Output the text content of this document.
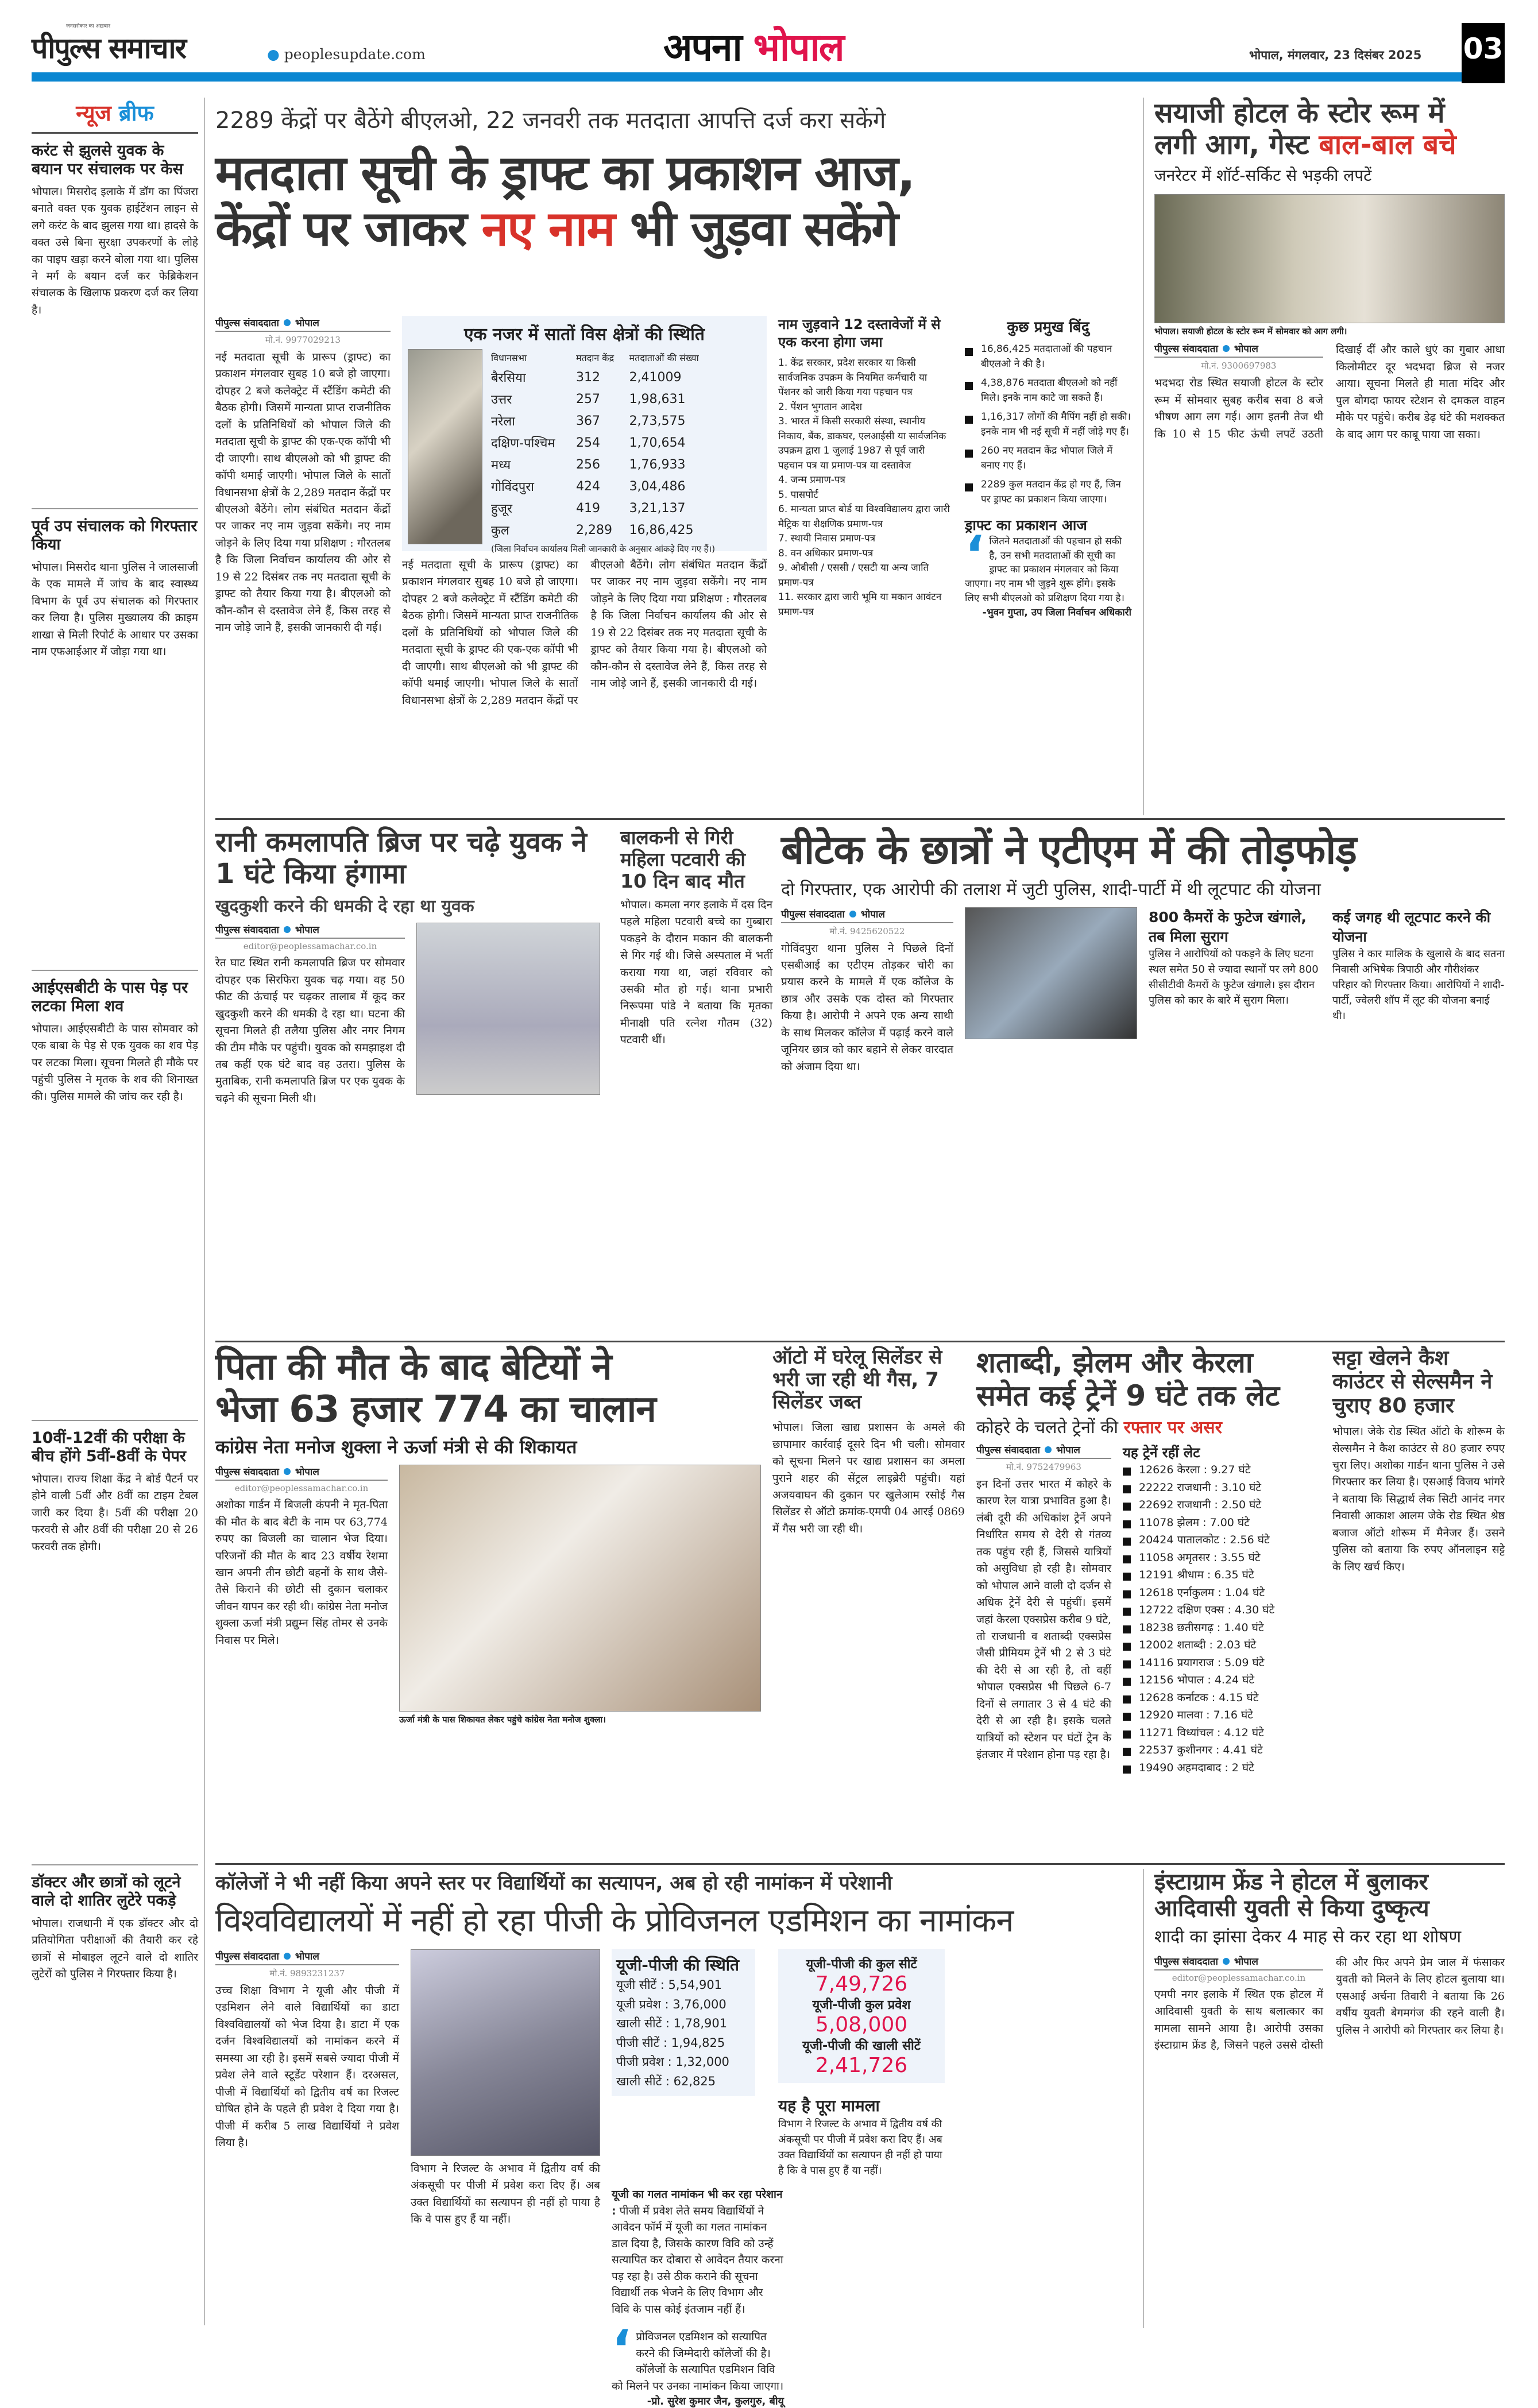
पीपुल्स समाचार
जनसरोकार का अख़बार
● peoplesupdate.com	अपना भोपाल	भोपाल, मंगलवार, 23 दिसंबर 2025 03
न्यूज ब्रीफ
करंट से झुलसे युवक के बयान पर संचालक पर केस

भोपाल। मिसरोद इलाके में डॉग का पिंजरा बनाते वक्त एक युवक हाईटेंशन लाइन से लगे करंट के बाद झुलस गया था। हादसे के वक्त उसे बिना सुरक्षा उपकरणों के लोहे का पाइप खड़ा करने बोला गया था। पुलिस ने मर्ग के बयान दर्ज कर फेब्रिकेशन संचालक के खिलाफ प्रकरण दर्ज कर लिया है।

पूर्व उप संचालक को गिरफ्तार किया

भोपाल। मिसरोद थाना पुलिस ने जालसाजी के एक मामले में जांच के बाद स्वास्थ्य विभाग के पूर्व उप संचालक को गिरफ्तार कर लिया है। पुलिस मुख्यालय की क्राइम शाखा से मिली रिपोर्ट के आधार पर उसका नाम एफआईआर में जोड़ा गया था।

आईएसबीटी के पास पेड़ पर लटका मिला शव

भोपाल। आईएसबीटी के पास सोमवार को एक बाबा के पेड़ से एक युवक का शव पेड़ पर लटका मिला। सूचना मिलते ही मौके पर पहुंची पुलिस ने मृतक के शव की शिनाख्त की। पुलिस मामले की जांच कर रही है।

10वीं-12वीं की परीक्षा के बीच होंगे 5वीं-8वीं के पेपर

भोपाल। राज्य शिक्षा केंद्र ने बोर्ड पैटर्न पर होने वाली 5वीं और 8वीं का टाइम टेबल जारी कर दिया है। 5वीं की परीक्षा 20 फरवरी से और 8वीं की परीक्षा 20 से 26 फरवरी तक होगी।

डॉक्टर और छात्रों को लूटने वाले दो शातिर लुटेरे पकड़े

भोपाल। राजधानी में एक डॉक्टर और दो प्रतियोगिता परीक्षाओं की तैयारी कर रहे छात्रों से मोबाइल लूटने वाले दो शातिर लुटेरों को पुलिस ने गिरफ्तार किया है।

2289 केंद्रों पर बैठेंगे बीएलओ, 22 जनवरी तक मतदाता आपत्ति दर्ज करा सकेंगे
मतदाता सूची के ड्राफ्ट का प्रकाशन आज,
केंद्रों पर जाकर नए नाम भी जुड़वा सकेंगे
पीपुल्स संवाददाता भोपाल
मो.नं. 9977029213

नई मतदाता सूची के प्रारूप (ड्राफ्ट) का प्रकाशन मंगलवार सुबह 10 बजे हो जाएगा। दोपहर 2 बजे कलेक्ट्रेट में स्टैंडिंग कमेटी की बैठक होगी। जिसमें मान्यता प्राप्त राजनीतिक दलों के प्रतिनिधियों को भोपाल जिले की मतदाता सूची के ड्राफ्ट की एक-एक कॉपी भी दी जाएगी। साथ बीएलओ को भी ड्राफ्ट की कॉपी थमाई जाएगी। भोपाल जिले के सातों विधानसभा क्षेत्रों के 2,289 मतदान केंद्रों पर बीएलओ बैठेंगे। लोग संबंधित मतदान केंद्रों पर जाकर नए नाम जुड़वा सकेंगे। नए नाम जोड़ने के लिए दिया गया प्रशिक्षण : गौरतलब है कि जिला निर्वाचन कार्यालय की ओर से 19 से 22 दिसंबर तक नए मतदाता सूची के ड्राफ्ट को तैयार किया गया है। बीएलओ को कौन-कौन से दस्तावेज लेने हैं, किस तरह से नाम जोड़े जाने हैं, इसकी जानकारी दी गई।

एक नजर में सातों विस क्षेत्रों की स्थिति
विधानसभा	मतदान केंद्र	मतदाताओं की संख्या
बैरसिया	312	2,41009
उत्तर	257	1,98,631
नरेला	367	2,73,575
दक्षिण-पश्चिम	254	1,70,654
मध्य	256	1,76,933
गोविंदपुरा	424	3,04,486
हुजूर	419	3,21,137
कुल	2,289	16,86,425
(जिला निर्वाचन कार्यालय मिली जानकारी के अनुसार आंकड़े दिए गए हैं।)		

नई मतदाता सूची के प्रारूप (ड्राफ्ट) का प्रकाशन मंगलवार सुबह 10 बजे हो जाएगा। दोपहर 2 बजे कलेक्ट्रेट में स्टैंडिंग कमेटी की बैठक होगी। जिसमें मान्यता प्राप्त राजनीतिक दलों के प्रतिनिधियों को भोपाल जिले की मतदाता सूची के ड्राफ्ट की एक-एक कॉपी भी दी जाएगी। साथ बीएलओ को भी ड्राफ्ट की कॉपी थमाई जाएगी। भोपाल जिले के सातों विधानसभा क्षेत्रों के 2,289 मतदान केंद्रों पर बीएलओ बैठेंगे। लोग संबंधित मतदान केंद्रों पर जाकर नए नाम जुड़वा सकेंगे। नए नाम जोड़ने के लिए दिया गया प्रशिक्षण : गौरतलब है कि जिला निर्वाचन कार्यालय की ओर से 19 से 22 दिसंबर तक नए मतदाता सूची के ड्राफ्ट को तैयार किया गया है। बीएलओ को कौन-कौन से दस्तावेज लेने हैं, किस तरह से नाम जोड़े जाने हैं, इसकी जानकारी दी गई।

नाम जुड़वाने 12 दस्तावेजों में से एक करना होगा जमा

1. केंद्र सरकार, प्रदेश सरकार या किसी सार्वजनिक उपक्रम के नियमित कर्मचारी या पेंशनर को जारी किया गया पहचान पत्र

2. पेंशन भुगतान आदेश

3. भारत में किसी सरकारी संस्था, स्थानीय निकाय, बैंक, डाकघर, एलआईसी या सार्वजनिक उपक्रम द्वारा 1 जुलाई 1987 से पूर्व जारी पहचान पत्र या प्रमाण-पत्र या दस्तावेज

4. जन्म प्रमाण-पत्र

5. पासपोर्ट

6. मान्यता प्राप्त बोर्ड या विश्वविद्यालय द्वारा जारी मैट्रिक या शैक्षणिक प्रमाण-पत्र

7. स्थायी निवास प्रमाण-पत्र

8. वन अधिकार प्रमाण-पत्र

9. ओबीसी / एससी / एसटी या अन्य जाति प्रमाण-पत्र

11. सरकार द्वारा जारी भूमि या मकान आवंटन प्रमाण-पत्र

कुछ प्रमुख बिंदु
16,86,425 मतदाताओं की पहचान बीएलओ ने की है।
4,38,876 मतदाता बीएलओ को नहीं मिले। इनके नाम काटे जा सकते हैं।
1,16,317 लोगों की मैपिंग नहीं हो सकी। इनके नाम भी नई सूची में नहीं जोड़े गए हैं।
260 नए मतदान केंद्र भोपाल जिले में बनाए गए हैं।
2289 कुल मतदान केंद्र हो गए हैं, जिन पर ड्राफ्ट का प्रकाशन किया जाएगा।
ड्राफ्ट का प्रकाशन आज
‘ जितने मतदाताओं की पहचान हो सकी है, उन सभी मतदाताओं की सूची का ड्राफ्ट का प्रकाशन मंगलवार को किया जाएगा। नए नाम भी जुड़ने शुरू होंगे। इसके लिए सभी बीएलओ को प्रशिक्षण दिया गया है।
-भुवन गुप्ता, उप जिला निर्वाचन अधिकारी
सयाजी होटल के स्टोर रूम में
लगी आग, गेस्ट बाल-बाल बचे
जनरेटर में शॉर्ट-सर्किट से भड़की लपटें
भोपाल। सयाजी होटल के स्टोर रूम में सोमवार को आग लगी।
पीपुल्स संवाददाता भोपाल
मो.नं. 9300697983

भदभदा रोड स्थित सयाजी होटल के स्टोर रूम में सोमवार सुबह करीब सवा 8 बजे भीषण आग लग गई। आग इतनी तेज थी कि 10 से 15 फीट ऊंची लपटें उठती दिखाई दीं और काले धुएं का गुबार आधा किलोमीटर दूर भदभदा ब्रिज से नजर आया। सूचना मिलते ही माता मंदिर और पुल बोगदा फायर स्टेशन से दमकल वाहन मौके पर पहुंचे। करीब डेढ़ घंटे की मशक्कत के बाद आग पर काबू पाया जा सका।

रानी कमलापति ब्रिज पर चढ़े युवक ने 1 घंटे किया हंगामा
खुदकुशी करने की धमकी दे रहा था युवक
पीपुल्स संवाददाता भोपाल
editor@peoplessamachar.co.in

रेत घाट स्थित रानी कमलापति ब्रिज पर सोमवार दोपहर एक सिरफिरा युवक चढ़ गया। वह 50 फीट की ऊंचाई पर चढ़कर तालाब में कूद कर खुदकुशी करने की धमकी दे रहा था। घटना की सूचना मिलते ही तलैया पुलिस और नगर निगम की टीम मौके पर पहुंची। युवक को समझाइश दी तब कहीं एक घंटे बाद वह उतरा। पुलिस के मुताबिक, रानी कमलापति ब्रिज पर एक युवक के चढ़ने की सूचना मिली थी।

बालकनी से गिरी महिला पटवारी की 10 दिन बाद मौत

भोपाल। कमला नगर इलाके में दस दिन पहले महिला पटवारी बच्चे का गुब्बारा पकड़ने के दौरान मकान की बालकनी से गिर गई थी। जिसे अस्पताल में भर्ती कराया गया था, जहां रविवार को उसकी मौत हो गई। थाना प्रभारी निरूपमा पांडे ने बताया कि मृतका मीनाक्षी पति रत्नेश गौतम (32) पटवारी थीं।

बीटेक के छात्रों ने एटीएम में की तोड़फोड़
दो गिरफ्तार, एक आरोपी की तलाश में जुटी पुलिस, शादी-पार्टी में थी लूटपाट की योजना
पीपुल्स संवाददाता भोपाल
मो.नं. 9425620522

गोविंदपुरा थाना पुलिस ने पिछले दिनों एसबीआई का एटीएम तोड़कर चोरी का प्रयास करने के मामले में एक कॉलेज के छात्र और उसके एक दोस्त को गिरफ्तार किया है। आरोपी ने अपने एक अन्य साथी के साथ मिलकर कॉलेज में पढ़ाई करने वाले जूनियर छात्र को कार बहाने से लेकर वारदात को अंजाम दिया था।

800 कैमरों के फुटेज खंगाले, तब मिला सुराग

पुलिस ने आरोपियों को पकड़ने के लिए घटना स्थल समेत 50 से ज्यादा स्थानों पर लगे 800 सीसीटीवी कैमरों के फुटेज खंगाले। इस दौरान पुलिस को कार के बारे में सुराग मिला।

कई जगह थी लूटपाट करने की योजना

पुलिस ने कार मालिक के खुलासे के बाद सतना निवासी अभिषेक त्रिपाठी और गौरीशंकर परिहार को गिरफ्तार किया। आरोपियों ने शादी-पार्टी, ज्वेलरी शॉप में लूट की योजना बनाई थी।

पिता की मौत के बाद बेटियों ने
भेजा 63 हजार 774 का चालान
कांग्रेस नेता मनोज शुक्ला ने ऊर्जा मंत्री से की शिकायत
पीपुल्स संवाददाता भोपाल
editor@peoplessamachar.co.in

अशोका गार्डन में बिजली कंपनी ने मृत-पिता की मौत के बाद बेटी के नाम पर 63,774 रुपए का बिजली का चालान भेज दिया। परिजनों की मौत के बाद 23 वर्षीय रेशमा खान अपनी तीन छोटी बहनों के साथ जैसे-तैसे किराने की छोटी सी दुकान चलाकर जीवन यापन कर रही थी। कांग्रेस नेता मनोज शुक्ला ऊर्जा मंत्री प्रद्युम्न सिंह तोमर से उनके निवास पर मिले।

ऊर्जा मंत्री के पास शिकायत लेकर पहुंचे कांग्रेस नेता मनोज शुक्ला।
ऑटो में घरेलू सिलेंडर से भरी जा रही थी गैस, 7 सिलेंडर जब्त

भोपाल। जिला खाद्य प्रशासन के अमले की छापामार कार्रवाई दूसरे दिन भी चली। सोमवार को सूचना मिलने पर खाद्य प्रशासन का अमला पुराने शहर की सेंट्रल लाइब्रेरी पहुंची। यहां अजयवाघन की दुकान पर खुलेआम रसोई गैस सिलेंडर से ऑटो क्रमांक-एमपी 04 आरई 0869 में गैस भरी जा रही थी।

शताब्दी, झेलम और केरला
समेत कई ट्रेनें 9 घंटे तक लेट
कोहरे के चलते ट्रेनों की रफ्तार पर असर
पीपुल्स संवाददाता भोपाल
मो.नं. 9752479963

इन दिनों उत्तर भारत में कोहरे के कारण रेल यात्रा प्रभावित हुआ है। लंबी दूरी की अधिकांश ट्रेनें अपने निर्धारित समय से देरी से गंतव्य तक पहुंच रही हैं, जिससे यात्रियों को असुविधा हो रही है। सोमवार को भोपाल आने वाली दो दर्जन से अधिक ट्रेनें देरी से पहुंचीं। इसमें जहां केरला एक्सप्रेस करीब 9 घंटे, तो राजधानी व शताब्दी एक्सप्रेस जैसी प्रीमियम ट्रेनें भी 2 से 3 घंटे की देरी से आ रही है, तो वहीं भोपाल एक्सप्रेस भी पिछले 6-7 दिनों से लगातार 3 से 4 घंटे की देरी से आ रही है। इसके चलते यात्रियों को स्टेशन पर घंटों ट्रेन के इंतजार में परेशान होना पड़ रहा है।

यह ट्रेनें रहीं लेट
12626 केरला : 9.27 घंटे
22222 राजधानी : 3.10 घंटे
22692 राजधानी : 2.50 घंटे
11078 झेलम : 7.00 घंटे
20424 पातालकोट : 2.56 घंटे
11058 अमृतसर : 3.55 घंटे
12191 श्रीधाम : 6.35 घंटे
12618 एर्नाकुलम : 1.04 घंटे
12722 दक्षिण एक्स : 4.30 घंटे
18238 छतीसगढ़ : 1.40 घंटे
12002 शताब्दी : 2.03 घंटे
14116 प्रयागराज : 5.09 घंटे
12156 भोपाल : 4.24 घंटे
12628 कर्नाटक : 4.15 घंटे
12920 मालवा : 7.16 घंटे
11271 विध्यांचल : 4.12 घंटे
22537 कुशीनगर : 4.41 घंटे
19490 अहमदाबाद : 2 घंटे
सट्टा खेलने कैश काउंटर से सेल्समैन ने चुराए 80 हजार

भोपाल। जेके रोड स्थित ऑटो के शोरूम के सेल्समैन ने कैश काउंटर से 80 हजार रुपए चुरा लिए। अशोका गार्डन थाना पुलिस ने उसे गिरफ्तार कर लिया है। एसआई विजय भांगरे ने बताया कि सिद्धार्थ लेक सिटी आनंद नगर निवासी आकाश आलम जेके रोड स्थित श्रेष्ठ बजाज ऑटो शोरूम में मैनेजर हैं। उसने पुलिस को बताया कि रुपए ऑनलाइन सट्टे के लिए खर्च किए।

कॉलेजों ने भी नहीं किया अपने स्तर पर विद्यार्थियों का सत्यापन, अब हो रही नामांकन में परेशानी
विश्वविद्यालयों में नहीं हो रहा पीजी के प्रोविजनल एडमिशन का नामांकन
पीपुल्स संवाददाता भोपाल
मो.नं. 9893231237

उच्च शिक्षा विभाग ने यूजी और पीजी में एडमिशन लेने वाले विद्यार्थियों का डाटा विश्वविद्यालयों को भेज दिया है। डाटा में एक दर्जन विश्वविद्यालयों को नामांकन करने में समस्या आ रही है। इसमें सबसे ज्यादा पीजी में प्रवेश लेने वाले स्टूडेंट परेशान हैं। दरअसल, पीजी में विद्यार्थियों को द्वितीय वर्ष का रिजल्ट घोषित होने के पहले ही प्रवेश दे दिया गया है। पीजी में करीब 5 लाख विद्यार्थियों ने प्रवेश लिया है।

विभाग ने रिजल्ट के अभाव में द्वितीय वर्ष की अंकसूची पर पीजी में प्रवेश करा दिए हैं। अब उक्त विद्यार्थियों का सत्यापन ही नहीं हो पाया है कि वे पास हुए हैं या नहीं।

यूजी-पीजी की स्थिति

यूजी सीटें : 5,54,901

यूजी प्रवेश : 3,76,000

खाली सीटें : 1,78,901

पीजी सीटें : 1,94,825

पीजी प्रवेश : 1,32,000

खाली सीटें : 62,825

यूजी-पीजी की कुल सीटें
7,49,726
यूजी-पीजी कुल प्रवेश
5,08,000
यूजी-पीजी की खाली सीटें
2,41,726
यह है पूरा मामला

विभाग ने रिजल्ट के अभाव में द्वितीय वर्ष की अंकसूची पर पीजी में प्रवेश करा दिए हैं। अब उक्त विद्यार्थियों का सत्यापन ही नहीं हो पाया है कि वे पास हुए हैं या नहीं।

यूजी का गलत नामांकन भी कर रहा परेशान : पीजी में प्रवेश लेते समय विद्यार्थियों ने आवेदन फॉर्म में यूजी का गलत नामांकन डाल दिया है, जिसके कारण विवि को उन्हें सत्यापित कर दोबारा से आवेदन तैयार करना पड़ रहा है। उसे ठीक कराने की सूचना विद्यार्थी तक भेजने के लिए विभाग और विवि के पास कोई इंतजाम नहीं हैं।

‘ प्रोविजनल एडमिशन को सत्यापित करने की जिम्मेदारी कॉलेजों की है। कॉलेजों के सत्यापित एडमिशन विवि को मिलने पर उनका नामांकन किया जाएगा।
-प्रो. सुरेश कुमार जैन, कुलगुरु, बीयू
इंस्टाग्राम फ्रेंड ने होटल में बुलाकर
आदिवासी युवती से किया दुष्कृत्य
शादी का झांसा देकर 4 माह से कर रहा था शोषण
पीपुल्स संवाददाता भोपाल
editor@peoplessamachar.co.in

एमपी नगर इलाके में स्थित एक होटल में आदिवासी युवती के साथ बलात्कार का मामला सामने आया है। आरोपी उसका इंस्टाग्राम फ्रेंड है, जिसने पहले उससे दोस्ती की और फिर अपने प्रेम जाल में फंसाकर युवती को मिलने के लिए होटल बुलाया था। एसआई अर्चना तिवारी ने बताया कि 26 वर्षीय युवती बेगमगंज की रहने वाली है। पुलिस ने आरोपी को गिरफ्तार कर लिया है।
